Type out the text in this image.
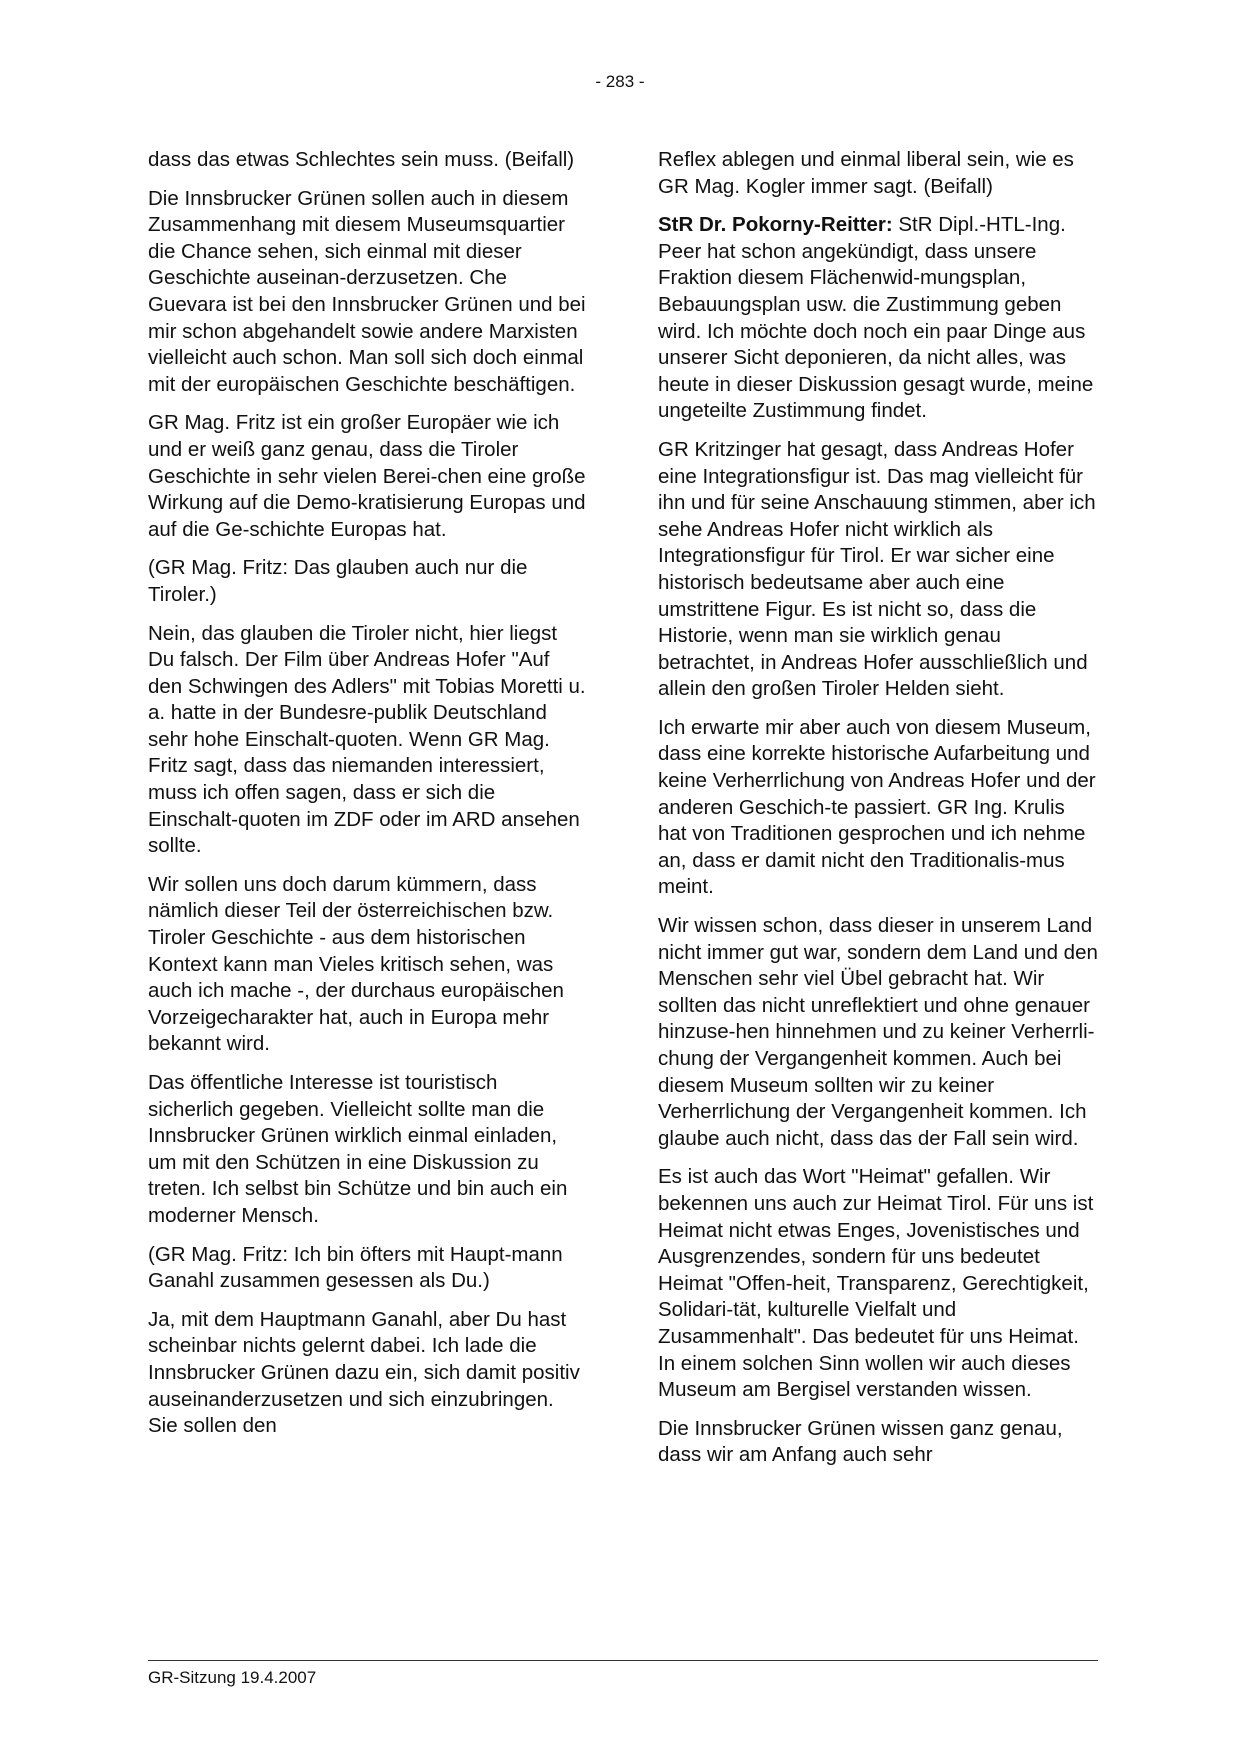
- 283 -

dass das etwas Schlechtes sein muss. (Beifall)

Die Innsbrucker Grünen sollen auch in diesem Zusammenhang mit diesem Museumsquartier die Chance sehen, sich einmal mit dieser Geschichte auseinan-derzusetzen. Che Guevara ist bei den Innsbrucker Grünen und bei mir schon abgehandelt sowie andere Marxisten vielleicht auch schon. Man soll sich doch einmal mit der europäischen Geschichte beschäftigen.

GR Mag. Fritz ist ein großer Europäer wie ich und er weiß ganz genau, dass die Tiroler Geschichte in sehr vielen Berei-chen eine große Wirkung auf die Demo-kratisierung Europas und auf die Ge-schichte Europas hat.

(GR Mag. Fritz: Das glauben auch nur die Tiroler.)

Nein, das glauben die Tiroler nicht, hier liegst Du falsch. Der Film über Andreas Hofer "Auf den Schwingen des Adlers" mit Tobias Moretti u. a. hatte in der Bundesre-publik Deutschland sehr hohe Einschalt-quoten. Wenn GR Mag. Fritz sagt, dass das niemanden interessiert, muss ich offen sagen, dass er sich die Einschalt-quoten im ZDF oder im ARD ansehen sollte.

Wir sollen uns doch darum kümmern, dass nämlich dieser Teil der österreichischen bzw. Tiroler Geschichte - aus dem historischen Kontext kann man Vieles kritisch sehen, was auch ich mache -, der durchaus europäischen Vorzeigecharakter hat, auch in Europa mehr bekannt wird.

Das öffentliche Interesse ist touristisch sicherlich gegeben. Vielleicht sollte man die Innsbrucker Grünen wirklich einmal einladen, um mit den Schützen in eine Diskussion zu treten. Ich selbst bin Schütze und bin auch ein moderner Mensch.

(GR Mag. Fritz: Ich bin öfters mit Haupt-mann Ganahl zusammen gesessen als Du.)

Ja, mit dem Hauptmann Ganahl, aber Du hast scheinbar nichts gelernt dabei. Ich lade die Innsbrucker Grünen dazu ein, sich damit positiv auseinanderzusetzen und sich einzubringen. Sie sollen den

Reflex ablegen und einmal liberal sein, wie es GR Mag. Kogler immer sagt. (Beifall)

StR Dr. Pokorny-Reitter: StR Dipl.-HTL-Ing. Peer hat schon angekündigt, dass unsere Fraktion diesem Flächenwid-mungsplan, Bebauungsplan usw. die Zustimmung geben wird. Ich möchte doch noch ein paar Dinge aus unserer Sicht deponieren, da nicht alles, was heute in dieser Diskussion gesagt wurde, meine ungeteilte Zustimmung findet.

GR Kritzinger hat gesagt, dass Andreas Hofer eine Integrationsfigur ist. Das mag vielleicht für ihn und für seine Anschauung stimmen, aber ich sehe Andreas Hofer nicht wirklich als Integrationsfigur für Tirol. Er war sicher eine historisch bedeutsame aber auch eine umstrittene Figur. Es ist nicht so, dass die Historie, wenn man sie wirklich genau betrachtet, in Andreas Hofer ausschließlich und allein den großen Tiroler Helden sieht.

Ich erwarte mir aber auch von diesem Museum, dass eine korrekte historische Aufarbeitung und keine Verherrlichung von Andreas Hofer und der anderen Geschich-te passiert. GR Ing. Krulis hat von Traditionen gesprochen und ich nehme an, dass er damit nicht den Traditionalis-mus meint.

Wir wissen schon, dass dieser in unserem Land nicht immer gut war, sondern dem Land und den Menschen sehr viel Übel gebracht hat. Wir sollten das nicht unreflektiert und ohne genauer hinzuse-hen hinnehmen und zu keiner Verherrli-chung der Vergangenheit kommen. Auch bei diesem Museum sollten wir zu keiner Verherrlichung der Vergangenheit kommen. Ich glaube auch nicht, dass das der Fall sein wird.

Es ist auch das Wort "Heimat" gefallen. Wir bekennen uns auch zur Heimat Tirol. Für uns ist Heimat nicht etwas Enges, Jovenistisches und Ausgrenzendes, sondern für uns bedeutet Heimat "Offen-heit, Transparenz, Gerechtigkeit, Solidari-tät, kulturelle Vielfalt und Zusammenhalt". Das bedeutet für uns Heimat. In einem solchen Sinn wollen wir auch dieses Museum am Bergisel verstanden wissen.

Die Innsbrucker Grünen wissen ganz genau, dass wir am Anfang auch sehr

GR-Sitzung 19.4.2007
